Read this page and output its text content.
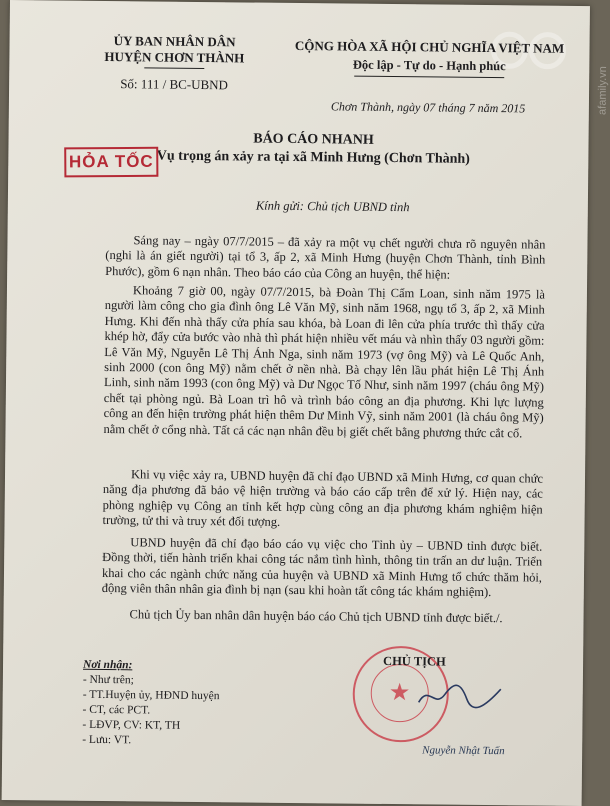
afamily.vn
ỦY BAN NHÂN DÂN
HUYỆN CHƠN THÀNH
Số: 111 / BC-UBND
CỘNG HÒA XÃ HỘI CHỦ NGHĨA VIỆT NAM
Độc lập - Tự do - Hạnh phúc
Chơn Thành, ngày 07 tháng 7 năm 2015
BÁO CÁO NHANH
Vụ trọng án xảy ra tại xã Minh Hưng (Chơn Thành)
HỎA TỐC
Kính gửi: Chủ tịch UBND tỉnh

Sáng nay – ngày 07/7/2015 – đã xảy ra một vụ chết người chưa rõ nguyên nhân (nghi là án giết người) tại tổ 3, ấp 2, xã Minh Hưng (huyện Chơn Thành, tỉnh Bình Phước), gồm 6 nạn nhân. Theo báo cáo của Công an huyện, thể hiện:

Khoảng 7 giờ 00, ngày 07/7/2015, bà Đoàn Thị Cẩm Loan, sinh năm 1975 là người làm công cho gia đình ông Lê Văn Mỹ, sinh năm 1968, ngụ tổ 3, ấp 2, xã Minh Hưng. Khi đến nhà thấy cửa phía sau khóa, bà Loan đi lên cửa phía trước thì thấy cửa khép hờ, đẩy cửa bước vào nhà thì phát hiện nhiều vết máu và nhìn thấy 03 người gồm: Lê Văn Mỹ, Nguyễn Lê Thị Ánh Nga, sinh năm 1973 (vợ ông Mỹ) và Lê Quốc Anh, sinh 2000 (con ông Mỹ) nằm chết ở nền nhà. Bà chạy lên lầu phát hiện Lê Thị Ánh Linh, sinh năm 1993 (con ông Mỹ) và Dư Ngọc Tố Như, sinh năm 1997 (cháu ông Mỹ) chết tại phòng ngủ. Bà Loan trì hô và trình báo công an địa phương. Khi lực lượng công an đến hiện trường phát hiện thêm Dư Minh Vỹ, sinh năm 2001 (là cháu ông Mỹ) nằm chết ở cổng nhà. Tất cả các nạn nhân đều bị giết chết bằng phương thức cắt cổ.

Khi vụ việc xảy ra, UBND huyện đã chỉ đạo UBND xã Minh Hưng, cơ quan chức năng địa phương đã bảo vệ hiện trường và báo cáo cấp trên để xử lý. Hiện nay, các phòng nghiệp vụ Công an tỉnh kết hợp cùng công an địa phương khám nghiệm hiện trường, tử thi và truy xét đối tượng.

UBND huyện đã chỉ đạo báo cáo vụ việc cho Tỉnh ủy – UBND tỉnh được biết. Đồng thời, tiến hành triển khai công tác nắm tình hình, thông tin trấn an dư luận. Triển khai cho các ngành chức năng của huyện và UBND xã Minh Hưng tổ chức thăm hỏi, động viên thân nhân gia đình bị nạn (sau khi hoàn tất công tác khám nghiệm).

Chủ tịch Ủy ban nhân dân huyện báo cáo Chủ tịch UBND tỉnh được biết./.

Nơi nhận:
- Như trên;
- TT.Huyện ủy, HĐND huyện
- CT, các PCT.
- LĐVP, CV: KT, TH
- Lưu: VT.
★
CHỦ TỊCH
Nguyễn Nhật Tuấn
